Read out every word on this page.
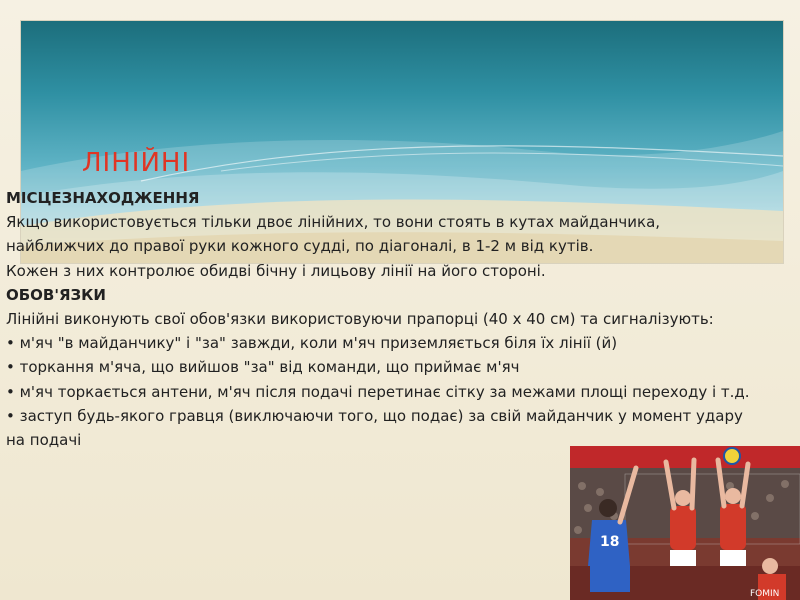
ЛІНІЙНІ

МІСЦЕЗНАХОДЖЕННЯ

Якщо використовується тільки двоє лінійних, то вони стоять в кутах майданчика,

найближчих до правої руки кожного судді, по діагоналі, в 1-2 м від кутів.

Кожен з них контролює обидві бічну і лицьову лінії на його стороні.

ОБОВ'ЯЗКИ

Лінійні виконують свої обов'язки використовуючи прапорці (40 х 40 см) та сигналізують:

• м'яч "в майданчику" і "за" завжди, коли м'яч приземляється біля їх лінії (й)

• торкання м'яча, що вийшов "за" від команди, що приймає м'яч

• м'яч торкається антени, м'яч після подачі перетинає сітку за межами площі переходу і т.д.

• заступ будь-якого гравця (виключаючи того, що подає) за свій майданчик у момент удару на подачі

18
FOMIN
